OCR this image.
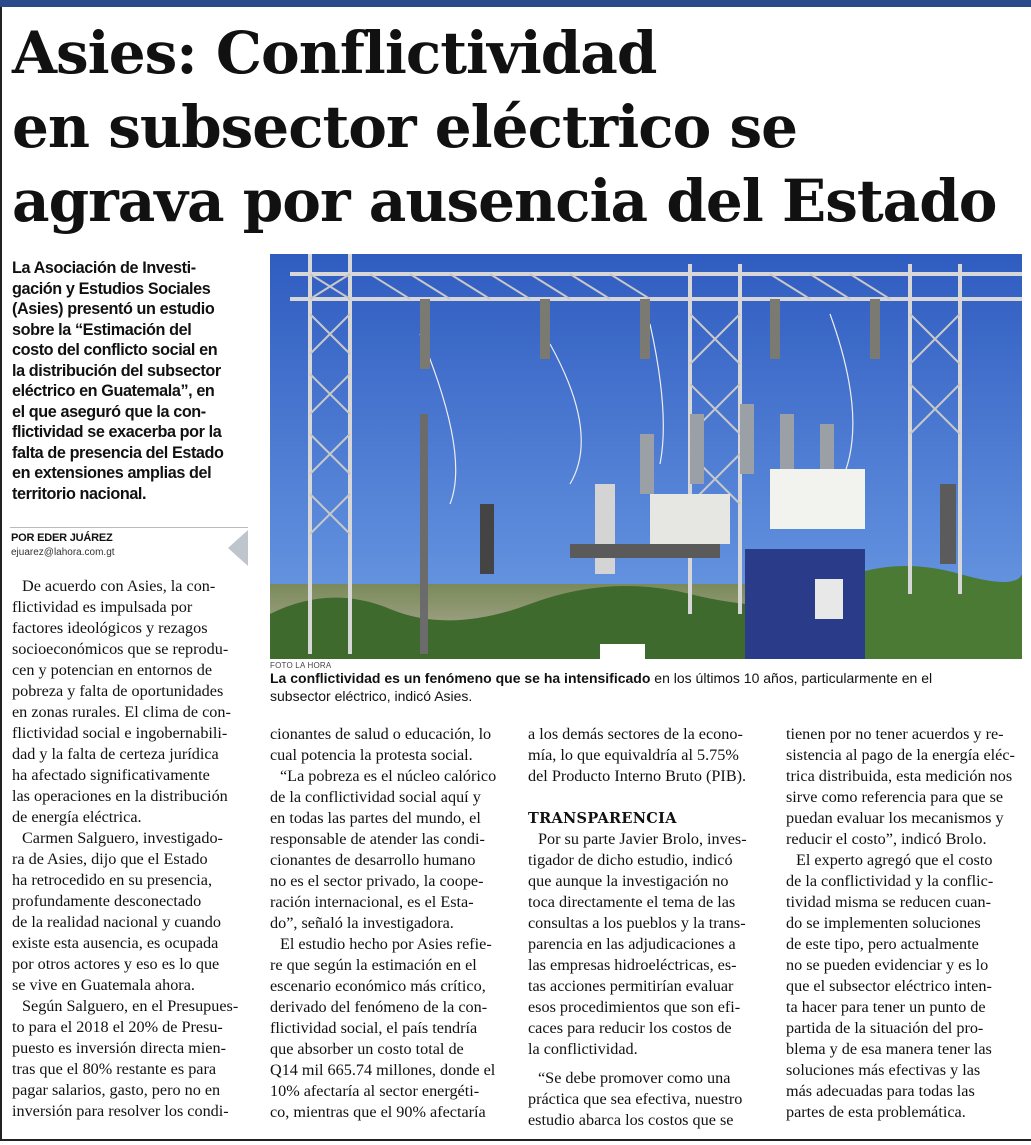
Asies: Conflictividad
en subsector eléctrico se
agrava por ausencia del Estado

La Asociación de Investi-
gación y Estudios Sociales
(Asies) presentó un estudio
sobre la “Estimación del
costo del conflicto social en
la distribución del subsector
eléctrico en Guatemala”, en
el que aseguró que la con-
flictividad se exacerba por la
falta de presencia del Estado
en extensiones amplias del
territorio nacional.

POR EDER JUÁREZ
ejuarez@lahora.com.gt
FOTO LA HORA
La conflictividad es un fenómeno que se ha intensificado en los últimos 10 años, particularmente en el
subsector eléctrico, indicó Asies.

De acuerdo con Asies, la con-
flictividad es impulsada por
factores ideológicos y rezagos
socioeconómicos que se reprodu-
cen y potencian en entornos de
pobreza y falta de oportunidades
en zonas rurales. El clima de con-
flictividad social e ingobernabili-
dad y la falta de certeza jurídica
ha afectado significativamente
las operaciones en la distribución
de energía eléctrica.
Carmen Salguero, investigado-
ra de Asies, dijo que el Estado
ha retrocedido en su presencia,
profundamente desconectado
de la realidad nacional y cuando
existe esta ausencia, es ocupada
por otros actores y eso es lo que
se vive en Guatemala ahora.
Según Salguero, en el Presupues-
to para el 2018 el 20% de Presu-
puesto es inversión directa mien-
tras que el 80% restante es para
pagar salarios, gasto, pero no en
inversión para resolver los condi-

cionantes de salud o educación, lo
cual potencia la protesta social.
“La pobreza es el núcleo calórico
de la conflictividad social aquí y
en todas las partes del mundo, el
responsable de atender las condi-
cionantes de desarrollo humano
no es el sector privado, la coope-
ración internacional, es el Esta-
do”, señaló la investigadora.
El estudio hecho por Asies refie-
re que según la estimación en el
escenario económico más crítico,
derivado del fenómeno de la con-
flictividad social, el país tendría
que absorber un costo total de
Q14 mil 665.74 millones, donde el
10% afectaría al sector energéti-
co, mientras que el 90% afectaría

a los demás sectores de la econo-
mía, lo que equivaldría al 5.75%
del Producto Interno Bruto (PIB).
TRANSPARENCIA
Por su parte Javier Brolo, inves-
tigador de dicho estudio, indicó
que aunque la investigación no
toca directamente el tema de las
consultas a los pueblos y la trans-
parencia en las adjudicaciones a
las empresas hidroeléctricas, es-
tas acciones permitirían evaluar
esos procedimientos que son efi-
caces para reducir los costos de
la conflictividad.
“Se debe promover como una
práctica que sea efectiva, nuestro
estudio abarca los costos que se

tienen por no tener acuerdos y re-
sistencia al pago de la energía eléc-
trica distribuida, esta medición nos
sirve como referencia para que se
puedan evaluar los mecanismos y
reducir el costo”, indicó Brolo.
El experto agregó que el costo
de la conflictividad y la conflic-
tividad misma se reducen cuan-
do se implementen soluciones
de este tipo, pero actualmente
no se pueden evidenciar y es lo
que el subsector eléctrico inten-
ta hacer para tener un punto de
partida de la situación del pro-
blema y de esa manera tener las
soluciones más efectivas y las
más adecuadas para todas las
partes de esta problemática.
